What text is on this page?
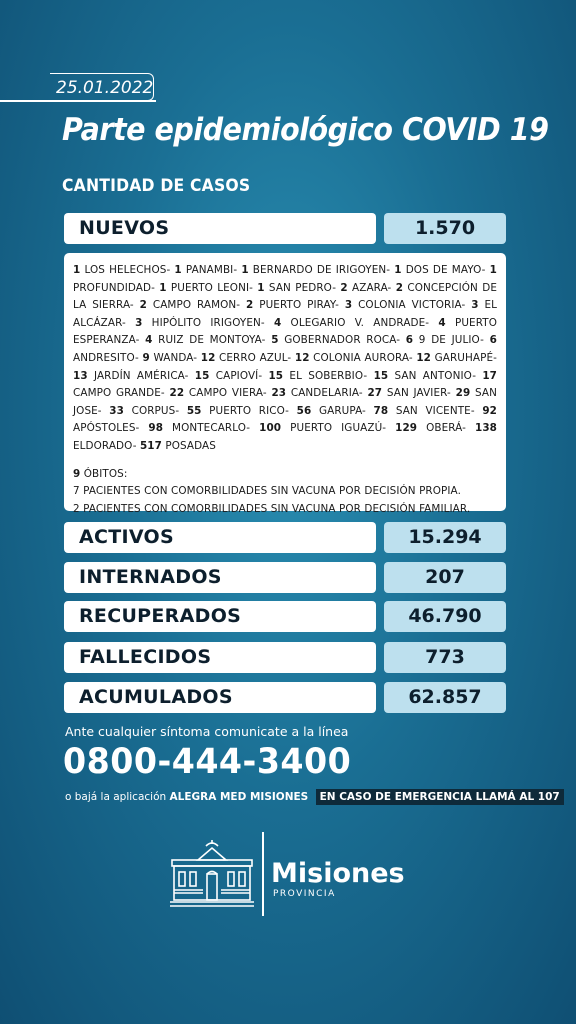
25.01.2022
Parte epidemiológico COVID 19
CANTIDAD DE CASOS
NUEVOS	1.570

1 LOS HELECHOS- 1 PANAMBI- 1 BERNARDO DE IRIGOYEN- 1 DOS DE MAYO- 1 PROFUNDIDAD- 1 PUERTO LEONI- 1 SAN PEDRO- 2 AZARA- 2 CONCEPCIÓN DE LA SIERRA- 2 CAMPO RAMON- 2 PUERTO PIRAY- 3 COLONIA VICTORIA- 3 EL ALCÁZAR- 3 HIPÓLITO IRIGOYEN- 4 OLEGARIO V. ANDRADE- 4 PUERTO ESPERANZA- 4 RUIZ DE MONTOYA- 5 GOBERNADOR ROCA- 6 9 DE JULIO- 6 ANDRESITO- 9 WANDA- 12 CERRO AZUL- 12 COLONIA AURORA- 12 GARUHAPÉ- 13 JARDÍN AMÉRICA- 15 CAPIOVÍ- 15 EL SOBERBIO- 15 SAN ANTONIO- 17 CAMPO GRANDE- 22 CAMPO VIERA- 23 CANDELARIA- 27 SAN JAVIER- 29 SAN JOSE- 33 CORPUS- 55 PUERTO RICO- 56 GARUPA- 78 SAN VICENTE- 92 APÓSTOLES- 98 MONTECARLO- 100 PUERTO IGUAZÚ- 129 OBERÁ- 138 ELDORADO- 517 POSADAS

9 ÓBITOS:

7 PACIENTES CON COMORBILIDADES SIN VACUNA POR DECISIÓN PROPIA.

2 PACIENTES CON COMORBILIDADES SIN VACUNA POR DECISIÓN FAMILIAR.

ACTIVOS	15.294
INTERNADOS	207
RECUPERADOS	46.790
FALLECIDOS	773
ACUMULADOS	62.857
Ante cualquier síntoma comunicate a la línea
0800-444-3400
o bajá la aplicación ALEGRA MED MISIONES EN CASO DE EMERGENCIA LLAMÁ AL 107
Misiones
PROVINCIA
